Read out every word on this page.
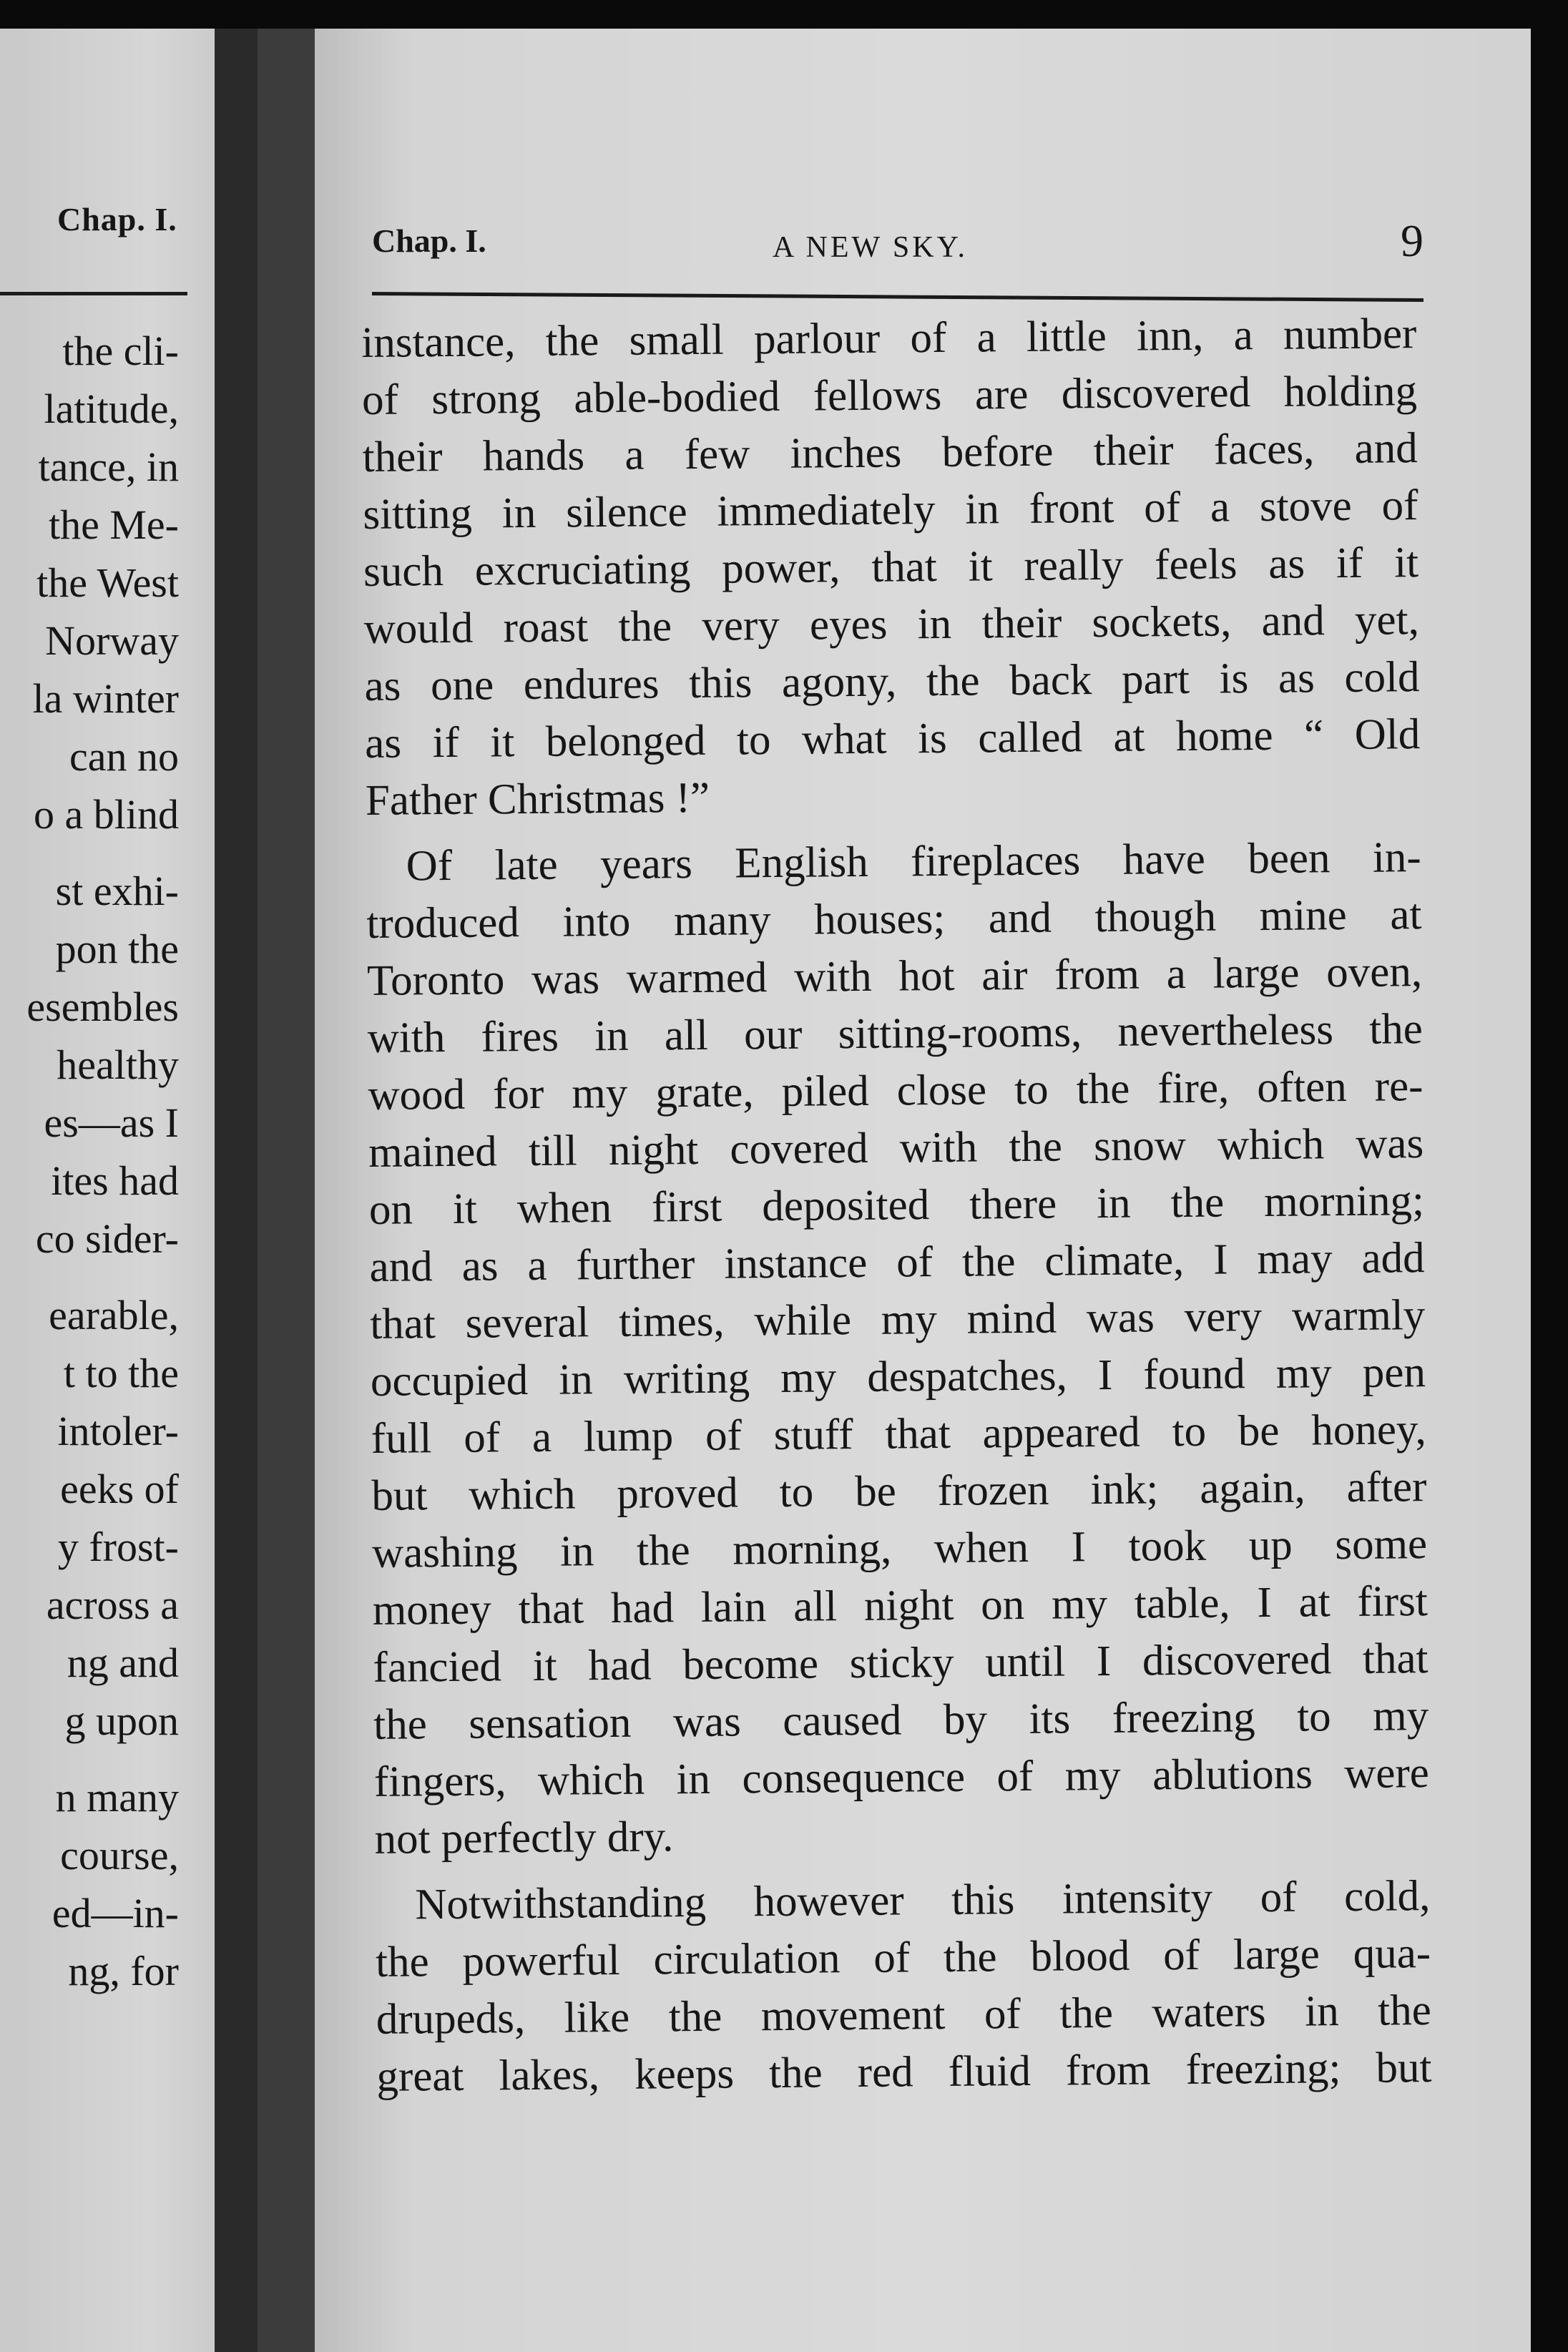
Chap. I.
the cli-
latitude,
tance, in
the Me-
the West
Norway
la winter
can no
o a blind
st exhi-
pon the
esembles
healthy
es—as I
ites had
co sider-
earable,
t to the
intoler-
eeks of
y frost-
across a
ng and
g upon
n many
course,
ed—in-
ng, for
Chap. I.	A NEW SKY.	9
instance, the small parlour of a little inn, a number
of strong able-bodied fellows are discovered holding
their hands a few inches before their faces, and
sitting in silence immediately in front of a stove of
such excruciating power, that it really feels as if it
would roast the very eyes in their sockets, and yet,
as one endures this agony, the back part is as cold
as if it belonged to what is called at home “ Old
Father Christmas !”
Of late years English fireplaces have been in-
troduced into many houses; and though mine at
Toronto was warmed with hot air from a large oven,
with fires in all our sitting-rooms, nevertheless the
wood for my grate, piled close to the fire, often re-
mained till night covered with the snow which was
on it when first deposited there in the morning;
and as a further instance of the climate, I may add
that several times, while my mind was very warmly
occupied in writing my despatches, I found my pen
full of a lump of stuff that appeared to be honey,
but which proved to be frozen ink; again, after
washing in the morning, when I took up some
money that had lain all night on my table, I at first
fancied it had become sticky until I discovered that
the sensation was caused by its freezing to my
fingers, which in consequence of my ablutions were
not perfectly dry.
Notwithstanding however this intensity of cold,
the powerful circulation of the blood of large qua-
drupeds, like the movement of the waters in the
great lakes, keeps the red fluid from freezing; but
